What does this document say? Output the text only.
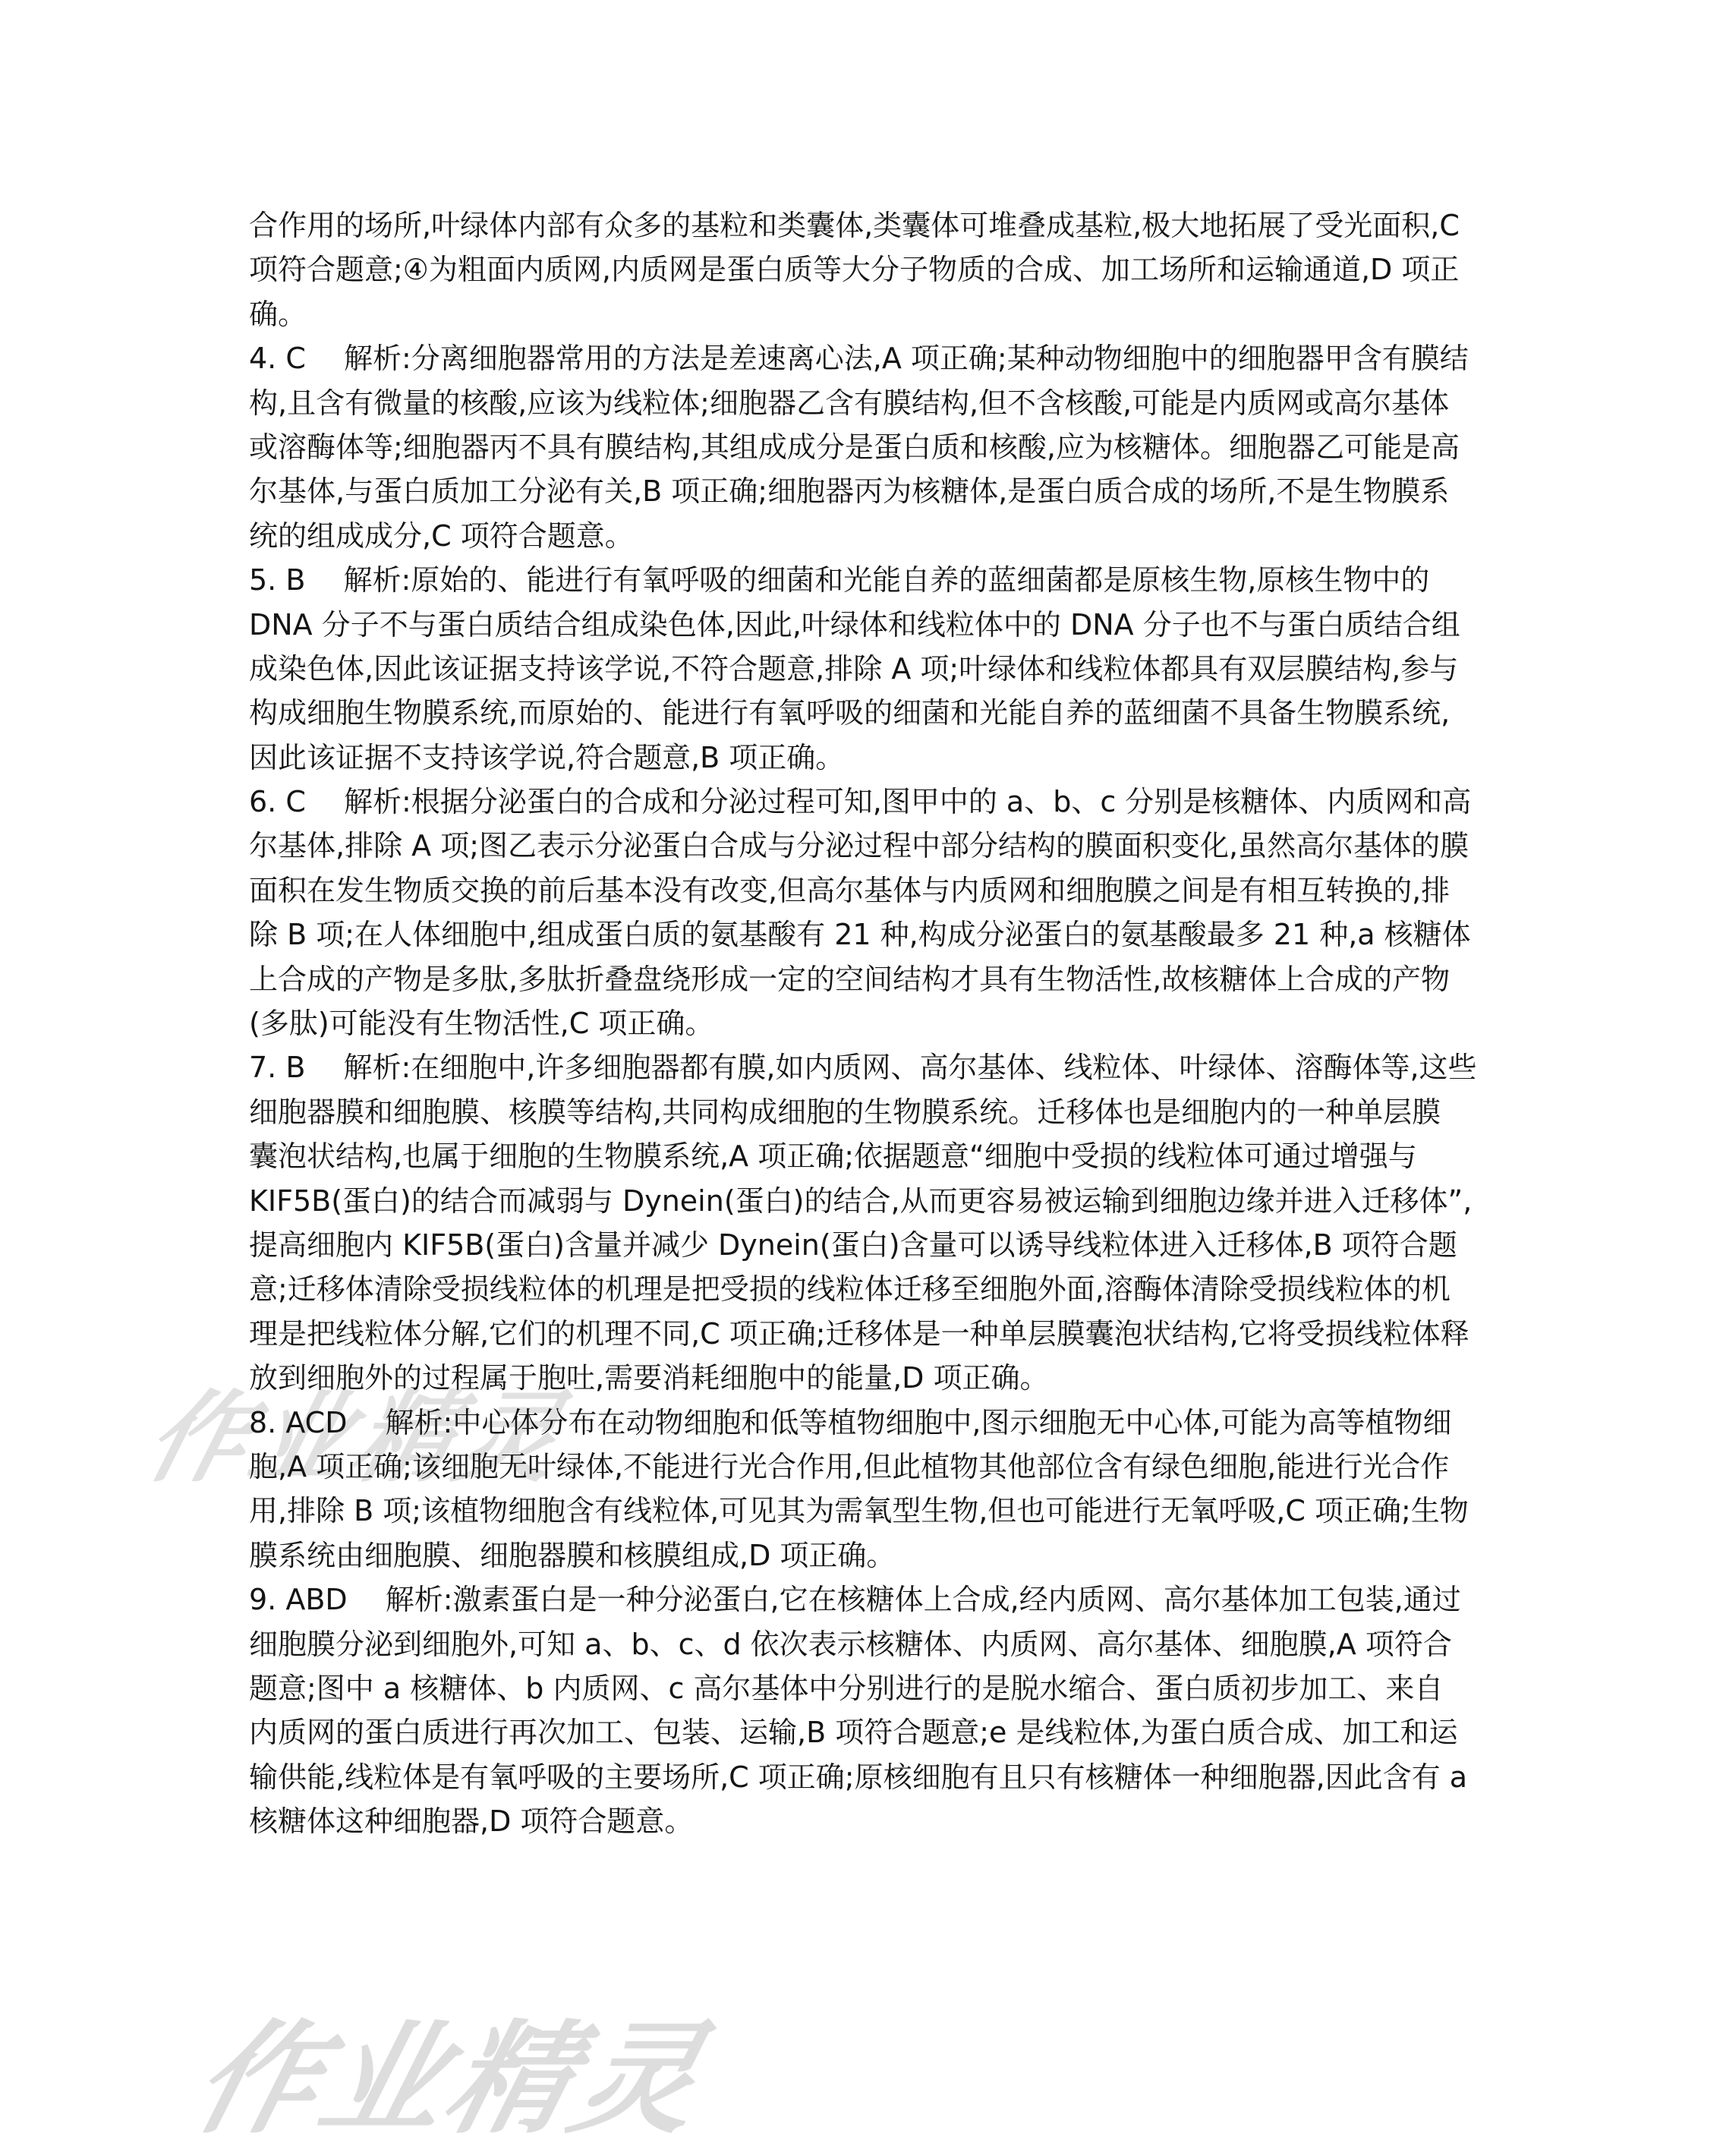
作业精灵
作业精灵
合作用的场所,叶绿体内部有众多的基粒和类囊体,类囊体可堆叠成基粒,极大地拓展了受光面积,C
项符合题意;④为粗面内质网,内质网是蛋白质等大分子物质的合成、加工场所和运输通道,D 项正
确。
4. C　 解析:分离细胞器常用的方法是差速离心法,A 项正确;某种动物细胞中的细胞器甲含有膜结
构,且含有微量的核酸,应该为线粒体;细胞器乙含有膜结构,但不含核酸,可能是内质网或高尔基体
或溶酶体等;细胞器丙不具有膜结构,其组成成分是蛋白质和核酸,应为核糖体。细胞器乙可能是高
尔基体,与蛋白质加工分泌有关,B 项正确;细胞器丙为核糖体,是蛋白质合成的场所,不是生物膜系
统的组成成分,C 项符合题意。
5. B　 解析:原始的、能进行有氧呼吸的细菌和光能自养的蓝细菌都是原核生物,原核生物中的
DNA 分子不与蛋白质结合组成染色体,因此,叶绿体和线粒体中的 DNA 分子也不与蛋白质结合组
成染色体,因此该证据支持该学说,不符合题意,排除 A 项;叶绿体和线粒体都具有双层膜结构,参与
构成细胞生物膜系统,而原始的、能进行有氧呼吸的细菌和光能自养的蓝细菌不具备生物膜系统,
因此该证据不支持该学说,符合题意,B 项正确。
6. C　 解析:根据分泌蛋白的合成和分泌过程可知,图甲中的 a、b、c 分别是核糖体、内质网和高
尔基体,排除 A 项;图乙表示分泌蛋白合成与分泌过程中部分结构的膜面积变化,虽然高尔基体的膜
面积在发生物质交换的前后基本没有改变,但高尔基体与内质网和细胞膜之间是有相互转换的,排
除 B 项;在人体细胞中,组成蛋白质的氨基酸有 21 种,构成分泌蛋白的氨基酸最多 21 种,a 核糖体
上合成的产物是多肽,多肽折叠盘绕形成一定的空间结构才具有生物活性,故核糖体上合成的产物
(多肽)可能没有生物活性,C 项正确。
7. B　 解析:在细胞中,许多细胞器都有膜,如内质网、高尔基体、线粒体、叶绿体、溶酶体等,这些
细胞器膜和细胞膜、核膜等结构,共同构成细胞的生物膜系统。迁移体也是细胞内的一种单层膜
囊泡状结构,也属于细胞的生物膜系统,A 项正确;依据题意“细胞中受损的线粒体可通过增强与
KIF5B(蛋白)的结合而减弱与 Dynein(蛋白)的结合,从而更容易被运输到细胞边缘并进入迁移体”,
提高细胞内 KIF5B(蛋白)含量并减少 Dynein(蛋白)含量可以诱导线粒体进入迁移体,B 项符合题
意;迁移体清除受损线粒体的机理是把受损的线粒体迁移至细胞外面,溶酶体清除受损线粒体的机
理是把线粒体分解,它们的机理不同,C 项正确;迁移体是一种单层膜囊泡状结构,它将受损线粒体释
放到细胞外的过程属于胞吐,需要消耗细胞中的能量,D 项正确。
8. ACD　 解析:中心体分布在动物细胞和低等植物细胞中,图示细胞无中心体,可能为高等植物细
胞,A 项正确;该细胞无叶绿体,不能进行光合作用,但此植物其他部位含有绿色细胞,能进行光合作
用,排除 B 项;该植物细胞含有线粒体,可见其为需氧型生物,但也可能进行无氧呼吸,C 项正确;生物
膜系统由细胞膜、细胞器膜和核膜组成,D 项正确。
9. ABD　 解析:激素蛋白是一种分泌蛋白,它在核糖体上合成,经内质网、高尔基体加工包装,通过
细胞膜分泌到细胞外,可知 a、b、c、d 依次表示核糖体、内质网、高尔基体、细胞膜,A 项符合
题意;图中 a 核糖体、b 内质网、c 高尔基体中分别进行的是脱水缩合、蛋白质初步加工、来自
内质网的蛋白质进行再次加工、包装、运输,B 项符合题意;e 是线粒体,为蛋白质合成、加工和运
输供能,线粒体是有氧呼吸的主要场所,C 项正确;原核细胞有且只有核糖体一种细胞器,因此含有 a
核糖体这种细胞器,D 项符合题意。
